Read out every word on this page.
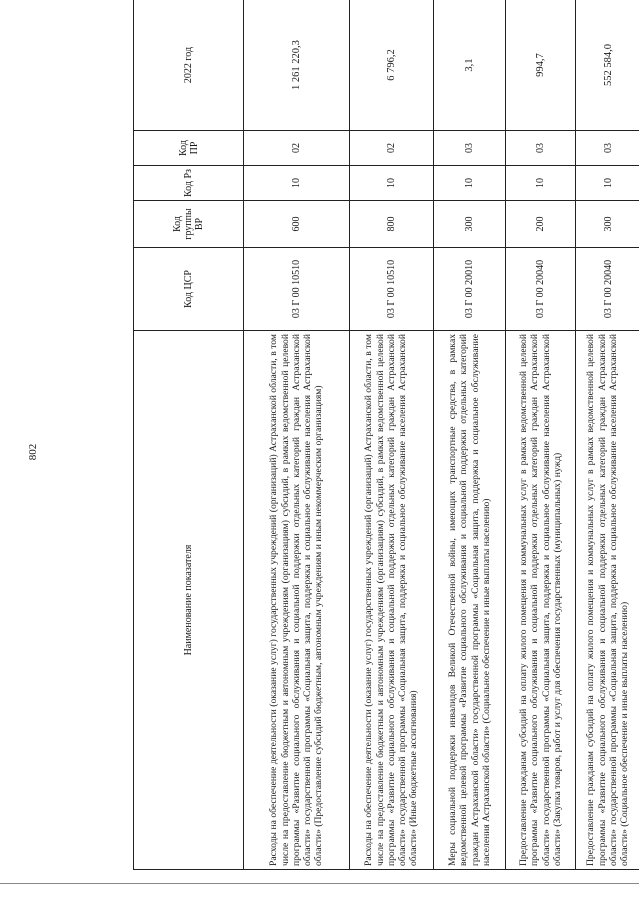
802
Наименование показателя	Код ЦСР	Код группы ВР	Код Рз	Код ПР	2022 год
Расходы на обеспечение деятельности (оказание услуг) государственных учреждений (организаций) Астраханской области, в том числе на предоставление бюджетным и автономным учреждениям (организациям) субсидий, в рамках ведомственной целевой программы «Развитие социального обслуживания и социальной поддержки отдельных категорий граждан Астраханской области» государственной программы «Социальная защита, поддержка и социальное обслуживание населения Астраханской области» (Предоставление субсидий бюджетным, автономным учреждениям и иным некоммерческим организациям)	03 Г 00 10510	600	10	02	1 261 220,3
Расходы на обеспечение деятельности (оказание услуг) государственных учреждений (организаций) Астраханской области, в том числе на предоставление бюджетным и автономным учреждениям (организациям) субсидий, в рамках ведомственной целевой программы «Развитие социального обслуживания и социальной поддержки отдельных категорий граждан Астраханской области» государственной программы «Социальная защита, поддержка и социальное обслуживание населения Астраханской области» (Иные бюджетные ассигнования)	03 Г 00 10510	800	10	02	6 796,2
Меры социальной поддержки инвалидов Великой Отечественной войны, имеющих транспортные средства, в рамках ведомственной целевой программы «Развитие социального обслуживания и социальной поддержки отдельных категорий граждан Астраханской области» государственной программы «Социальная защита, поддержка и социальное обслуживание населения Астраханской области» (Социальное обеспечение и иные выплаты населению)	03 Г 00 20010	300	10	03	3,1
Предоставление гражданам субсидий на оплату жилого помещения и коммунальных услуг в рамках ведомственной целевой программы «Развитие социального обслуживания и социальной поддержки отдельных категорий граждан Астраханской области» государственной программы «Социальная защита, поддержка и социальное обслуживание населения Астраханской области» (Закупка товаров, работ и услуг для обеспечения государственных (муниципальных) нужд)	03 Г 00 20040	200	10	03	994,7
Предоставление гражданам субсидий на оплату жилого помещения и коммунальных услуг в рамках ведомственной целевой программы «Развитие социального обслуживания и социальной поддержки отдельных категорий граждан Астраханской области» государственной программы «Социальная защита, поддержка и социальное обслуживание населения Астраханской области» (Социальное обеспечение и иные выплаты населению)	03 Г 00 20040	300	10	03	552 584,0
